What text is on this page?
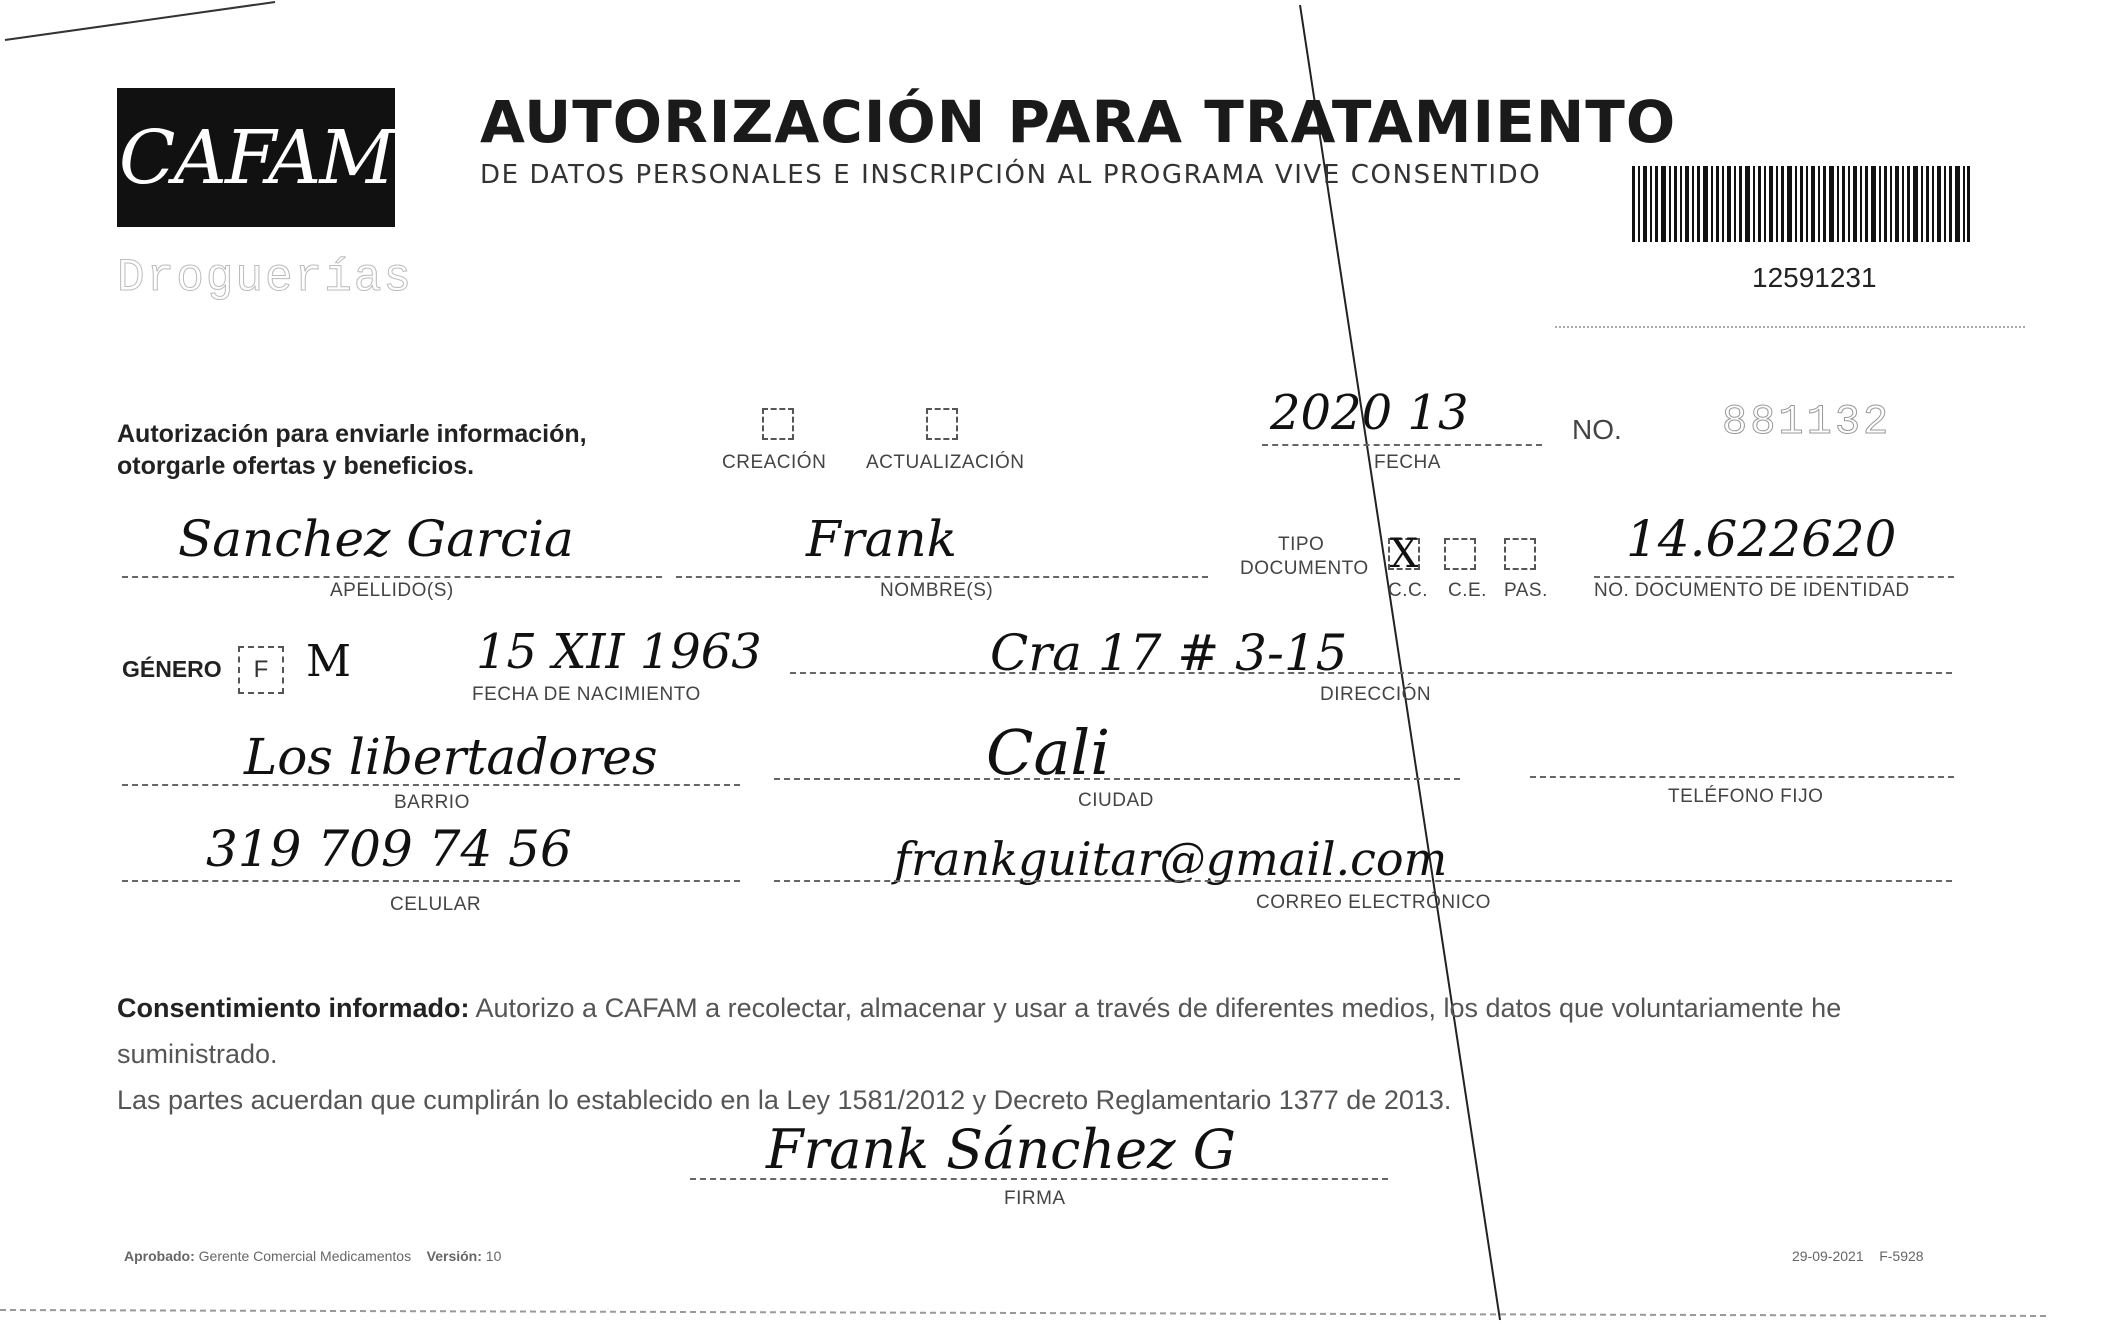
CAFAM
Droguerías
AUTORIZACIÓN PARA TRATAMIENTO
DE DATOS PERSONALES E INSCRIPCIÓN AL PROGRAMA VIVE CONSENTIDO
12591231
Autorización para enviarle información,
otorgarle ofertas y beneficios.	CREACIÓN ACTUALIZACIÓN
2020 13
FECHA
NO. 881132
Sanchez Garcia
APELLIDO(S)
Frank
NOMBRE(S)
TIPO
DOCUMENTO X
C.C. C.E. PAS.
14.622620
NO. DOCUMENTO DE IDENTIDAD
GÉNERO F M	15 XII 1963
FECHA DE NACIMIENTO
Cra 17 # 3-15
DIRECCIÓN
Los libertadores
BARRIO
Cali
CIUDAD	TELÉFONO FIJO
319 709 74 56
CELULAR
frankguitar@gmail.com
CORREO ELECTRÓNICO
Consentimiento informado: Autorizo a CAFAM a recolectar, almacenar y usar a través de diferentes medios, los datos que voluntariamente he suministrado.
Las partes acuerdan que cumplirán lo establecido en la Ley 1581/2012 y Decreto Reglamentario 1377 de 2013.
Frank Sánchez G
FIRMA
Aprobado: Gerente Comercial Medicamentos Versión: 10	29-09-2021 F-5928
